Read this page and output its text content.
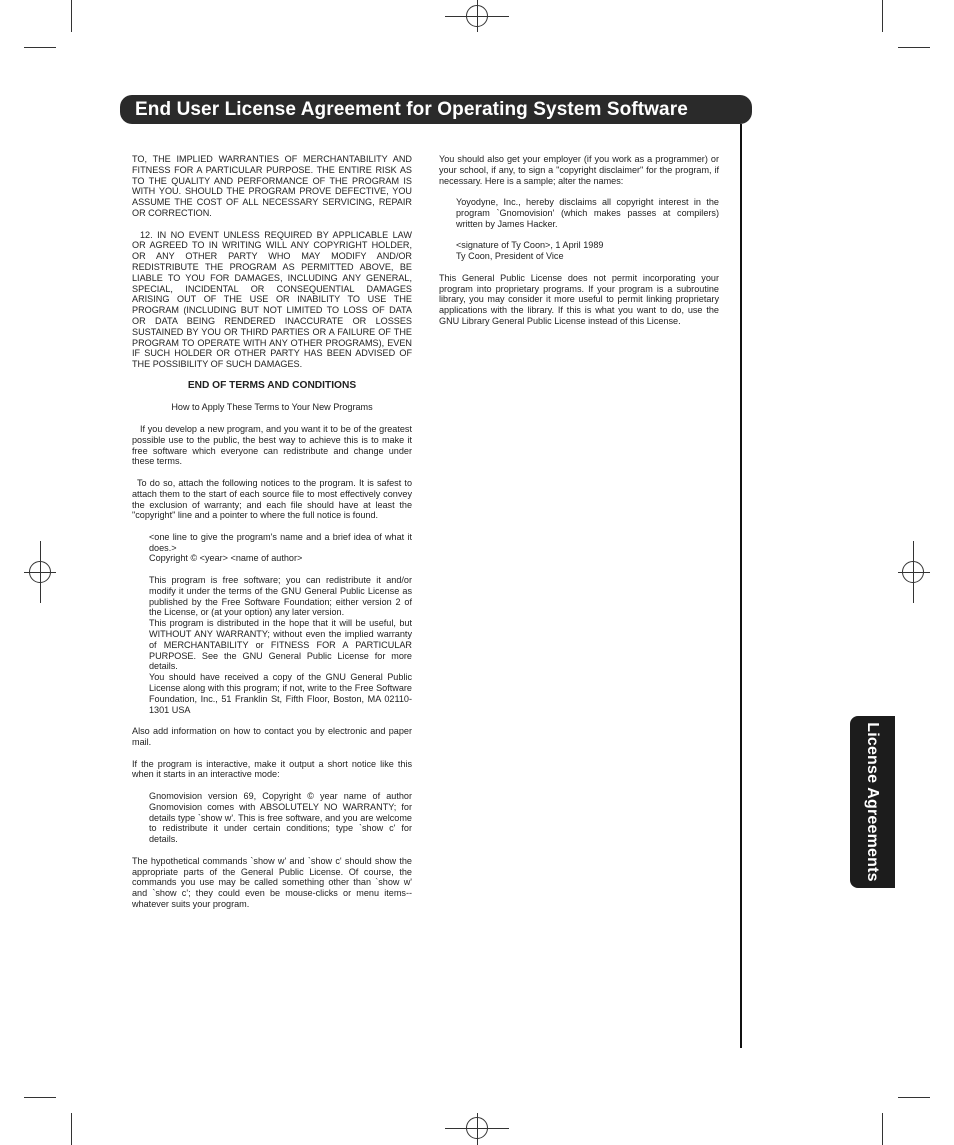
End User License Agreement for Operating System Software
License Agreements

TO, THE IMPLIED WARRANTIES OF MERCHANTABILITY AND FITNESS FOR A PARTICULAR PURPOSE. THE ENTIRE RISK AS TO THE QUALITY AND PERFORMANCE OF THE PROGRAM IS WITH YOU. SHOULD THE PROGRAM PROVE DEFECTIVE, YOU ASSUME THE COST OF ALL NECESSARY SERVICING, REPAIR OR CORRECTION.

12. IN NO EVENT UNLESS REQUIRED BY APPLICABLE LAW OR AGREED TO IN WRITING WILL ANY COPYRIGHT HOLDER, OR ANY OTHER PARTY WHO MAY MODIFY AND/OR REDISTRIBUTE THE PROGRAM AS PERMITTED ABOVE, BE LIABLE TO YOU FOR DAMAGES, INCLUDING ANY GENERAL, SPECIAL, INCIDENTAL OR CONSEQUENTIAL DAMAGES ARISING OUT OF THE USE OR INABILITY TO USE THE PROGRAM (INCLUDING BUT NOT LIMITED TO LOSS OF DATA OR DATA BEING RENDERED INACCURATE OR LOSSES SUSTAINED BY YOU OR THIRD PARTIES OR A FAILURE OF THE PROGRAM TO OPERATE WITH ANY OTHER PROGRAMS), EVEN IF SUCH HOLDER OR OTHER PARTY HAS BEEN ADVISED OF THE POSSIBILITY OF SUCH DAMAGES.

END OF TERMS AND CONDITIONS

How to Apply These Terms to Your New Programs

If you develop a new program, and you want it to be of the greatest possible use to the public, the best way to achieve this is to make it free software which everyone can redistribute and change under these terms.

To do so, attach the following notices to the program. It is safest to attach them to the start of each source file to most effectively convey the exclusion of warranty; and each file should have at least the "copyright" line and a pointer to where the full notice is found.

<one line to give the program's name and a brief idea of what it does.>

Copyright © <year> <name of author>

This program is free software; you can redistribute it and/or modify it under the terms of the GNU General Public License as published by the Free Software Foundation; either version 2 of the License, or (at your option) any later version.

This program is distributed in the hope that it will be useful, but WITHOUT ANY WARRANTY; without even the implied warranty of MERCHANTABILITY or FITNESS FOR A PARTICULAR PURPOSE. See the GNU General Public License for more details.

You should have received a copy of the GNU General Public License along with this program; if not, write to the Free Software Foundation, Inc., 51 Franklin St, Fifth Floor, Boston, MA 02110-1301 USA

Also add information on how to contact you by electronic and paper mail.

If the program is interactive, make it output a short notice like this when it starts in an interactive mode:

Gnomovision version 69, Copyright © year name of author Gnomovision comes with ABSOLUTELY NO WARRANTY; for details type `show w'. This is free software, and you are welcome to redistribute it under certain conditions; type `show c' for details.

The hypothetical commands `show w' and `show c' should show the appropriate parts of the General Public License. Of course, the commands you use may be called something other than `show w' and `show c'; they could even be mouse-clicks or menu items--whatever suits your program.

You should also get your employer (if you work as a programmer) or your school, if any, to sign a "copyright disclaimer" for the program, if necessary. Here is a sample; alter the names:

Yoyodyne, Inc., hereby disclaims all copyright interest in the program `Gnomovision' (which makes passes at compilers) written by James Hacker.

<signature of Ty Coon>, 1 April 1989

Ty Coon, President of Vice

This General Public License does not permit incorporating your program into proprietary programs. If your program is a subroutine library, you may consider it more useful to permit linking proprietary applications with the library. If this is what you want to do, use the GNU Library General Public License instead of this License.
